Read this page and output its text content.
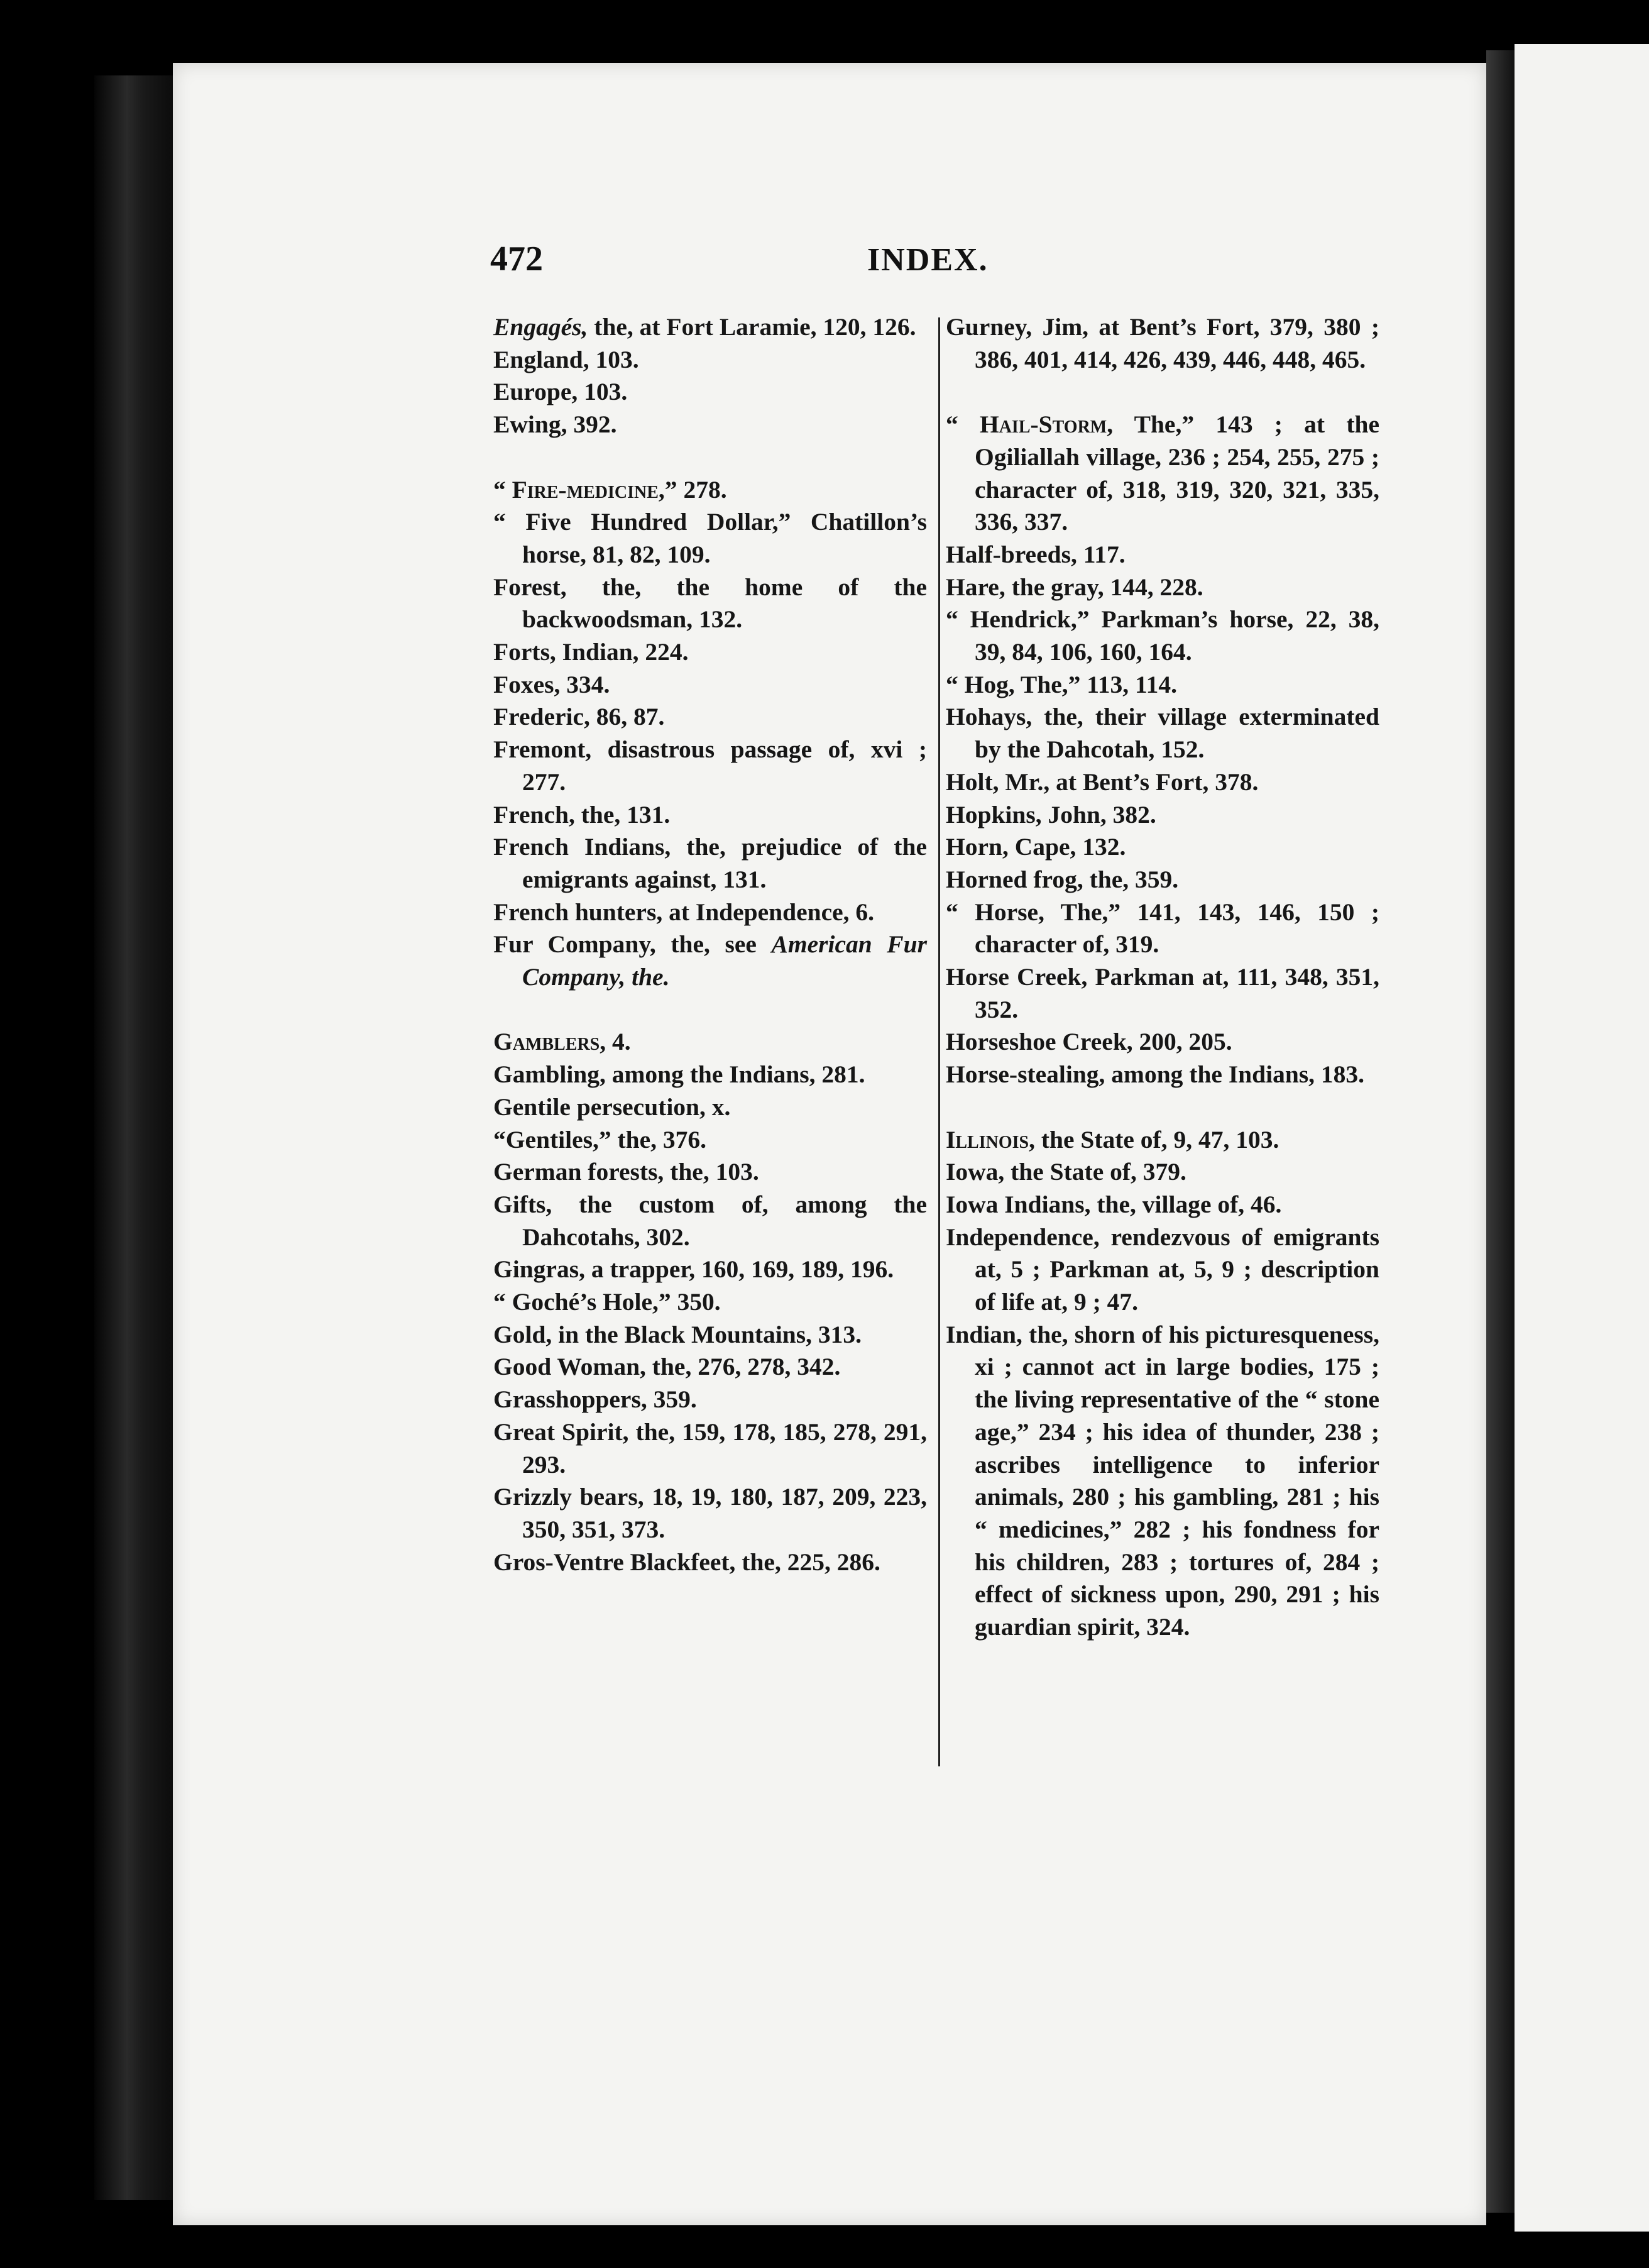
472	INDEX.
Engagés, the, at Fort Laramie, 120, 126.
England, 103.
Europe, 103.
Ewing, 392.
“ Fire-medicine,” 278.
“ Five Hundred Dollar,” Chatillon’s horse, 81, 82, 109.
Forest, the, the home of the backwoodsman, 132.
Forts, Indian, 224.
Foxes, 334.
Frederic, 86, 87.
Fremont, disastrous passage of, xvi ; 277.
French, the, 131.
French Indians, the, prejudice of the emigrants against, 131.
French hunters, at Independence, 6.
Fur Company, the, see American Fur Company, the.
Gamblers, 4.
Gambling, among the Indians, 281.
Gentile persecution, x.
“Gentiles,” the, 376.
German forests, the, 103.
Gifts, the custom of, among the Dahcotahs, 302.
Gingras, a trapper, 160, 169, 189, 196.
“ Goché’s Hole,” 350.
Gold, in the Black Mountains, 313.
Good Woman, the, 276, 278, 342.
Grasshoppers, 359.
Great Spirit, the, 159, 178, 185, 278, 291, 293.
Grizzly bears, 18, 19, 180, 187, 209, 223, 350, 351, 373.
Gros-Ventre Blackfeet, the, 225, 286.
Gurney, Jim, at Bent’s Fort, 379, 380 ; 386, 401, 414, 426, 439, 446, 448, 465.
“ Hail-Storm, The,” 143 ; at the Ogiliallah village, 236 ; 254, 255, 275 ; character of, 318, 319, 320, 321, 335, 336, 337.
Half-breeds, 117.
Hare, the gray, 144, 228.
“ Hendrick,” Parkman’s horse, 22, 38, 39, 84, 106, 160, 164.
“ Hog, The,” 113, 114.
Hohays, the, their village exterminated by the Dahcotah, 152.
Holt, Mr., at Bent’s Fort, 378.
Hopkins, John, 382.
Horn, Cape, 132.
Horned frog, the, 359.
“ Horse, The,” 141, 143, 146, 150 ; character of, 319.
Horse Creek, Parkman at, 111, 348, 351, 352.
Horseshoe Creek, 200, 205.
Horse-stealing, among the Indians, 183.
Illinois, the State of, 9, 47, 103.
Iowa, the State of, 379.
Iowa Indians, the, village of, 46.
Independence, rendezvous of emigrants at, 5 ; Parkman at, 5, 9 ; description of life at, 9 ; 47.
Indian, the, shorn of his picturesqueness, xi ; cannot act in large bodies, 175 ; the living representative of the “ stone age,” 234 ; his idea of thunder, 238 ; ascribes intelligence to inferior animals, 280 ; his gambling, 281 ; his “ medicines,” 282 ; his fondness for his children, 283 ; tortures of, 284 ; effect of sickness upon, 290, 291 ; his guardian spirit, 324.
